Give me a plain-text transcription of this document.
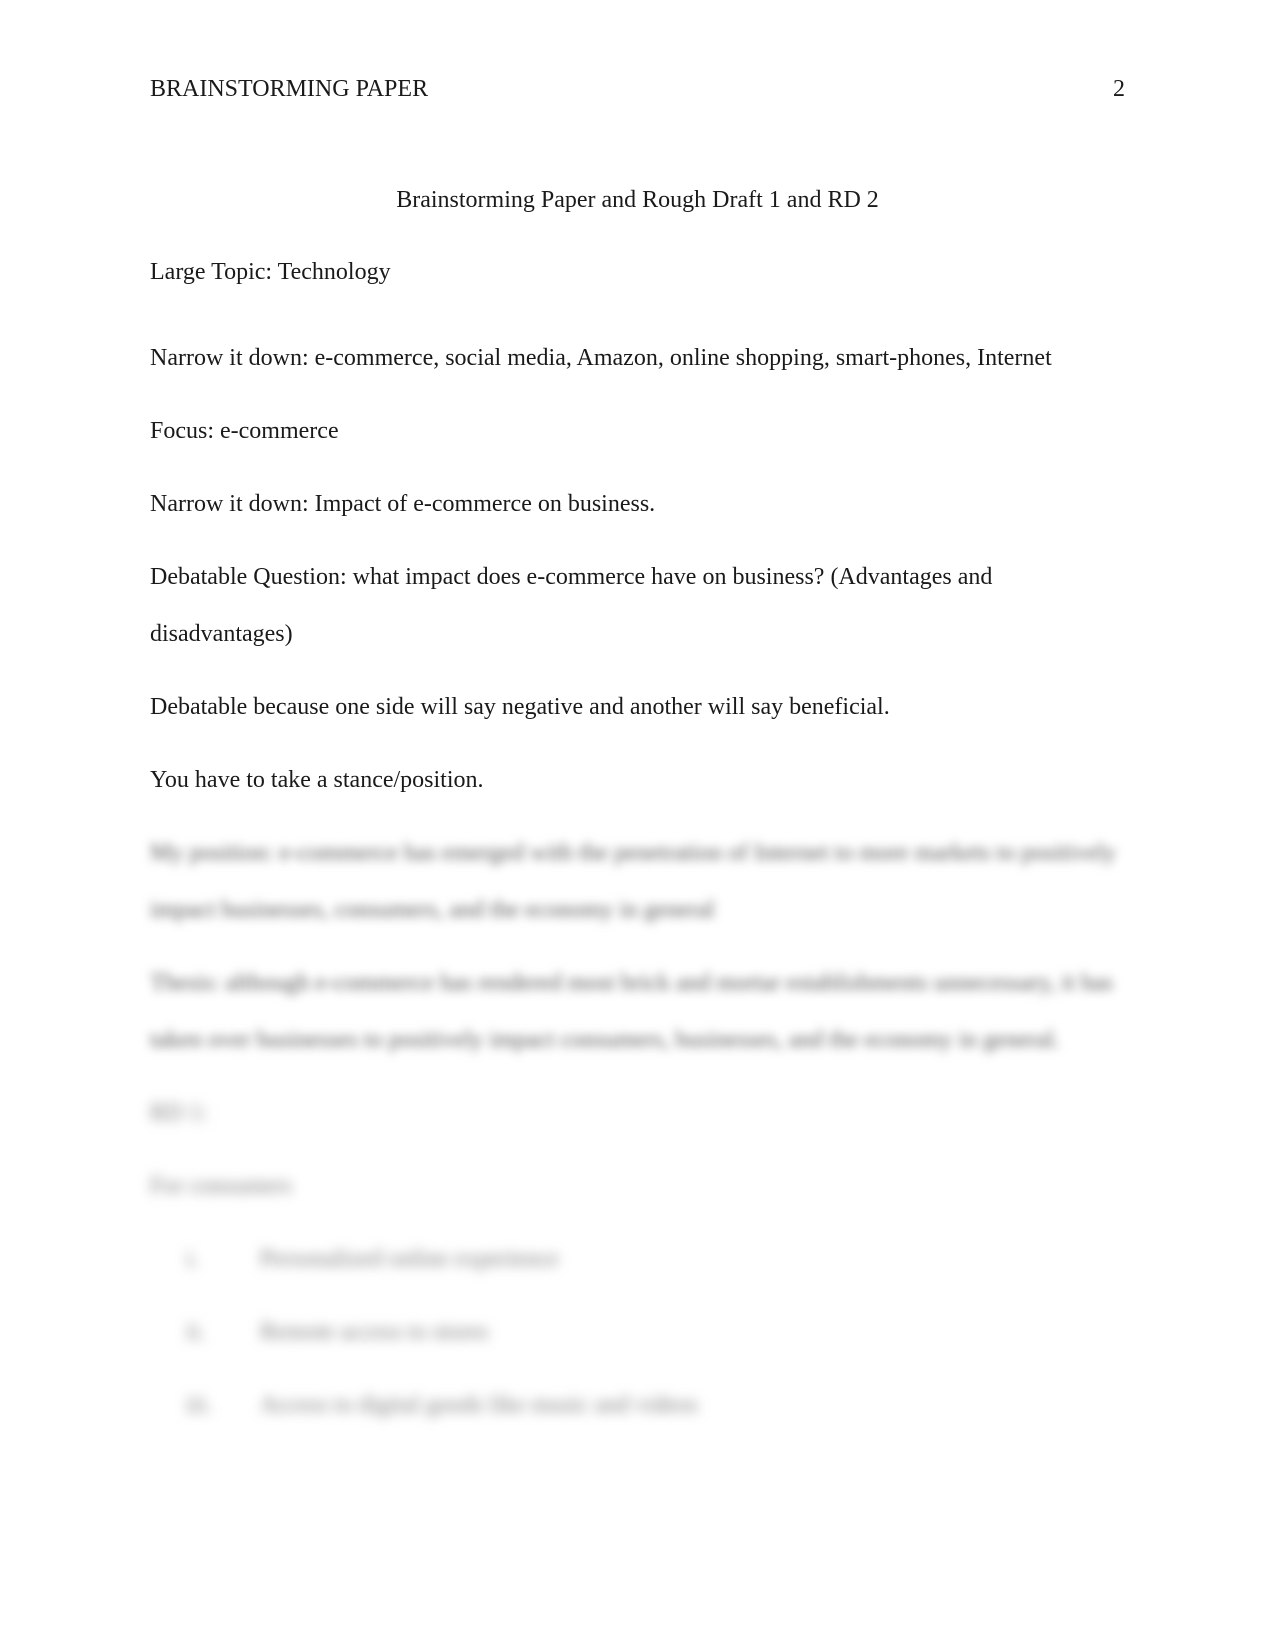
BRAINSTORMING PAPER	2
Brainstorming Paper and Rough Draft 1 and RD 2
Large Topic: Technology
Narrow it down: e-commerce, social media, Amazon, online shopping, smart-phones, Internet
Focus: e-commerce
Narrow it down: Impact of e-commerce on business.
Debatable Question: what impact does e-commerce have on business? (Advantages and disadvantages)
Debatable because one side will say negative and another will say beneficial.
You have to take a stance/position.
My position: e-commerce has emerged with the penetration of Internet to more markets to positively impact businesses, consumers, and the economy in general
Thesis: although e-commerce has rendered most brick and mortar establishments unnecessary, it has taken over businesses to positively impact consumers, businesses, and the economy in general.
RD 1:
For consumers
i.	Personalized online experience
ii.	Remote access to stores
iii.	Access to digital goods like music and videos
